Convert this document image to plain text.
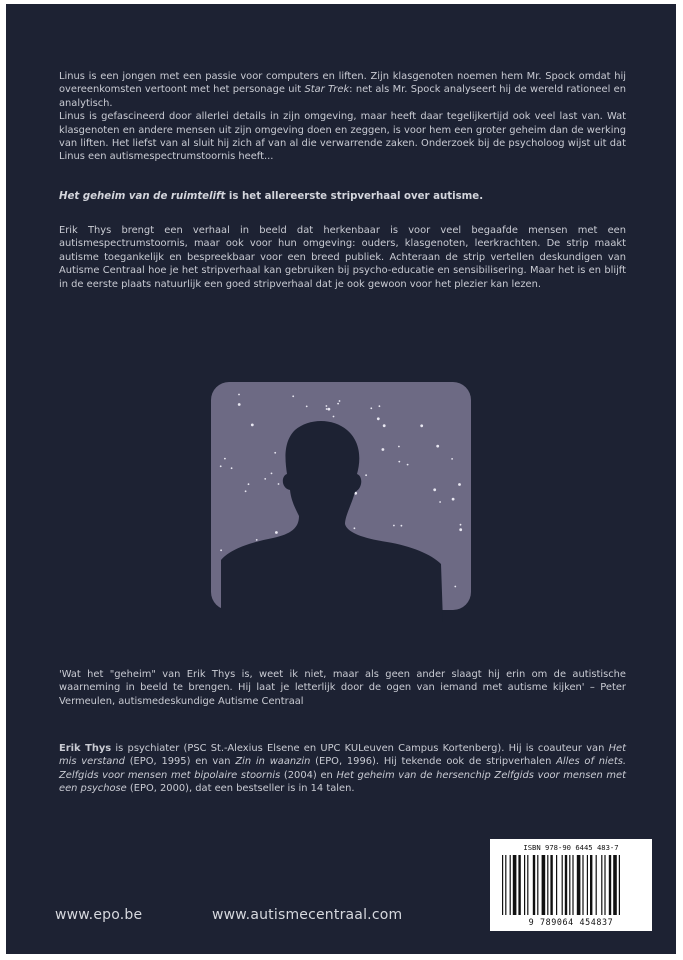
Linus is een jongen met een passie voor computers en liften. Zijn klasgenoten noemen hem Mr. Spock omdat hij overeenkomsten vertoont met het personage uit Star Trek: net als Mr. Spock analyseert hij de wereld rationeel en analytisch.

Linus is gefascineerd door allerlei details in zijn omgeving, maar heeft daar tegelijkertijd ook veel last van. Wat klasgenoten en andere mensen uit zijn omgeving doen en zeggen, is voor hem een groter geheim dan de werking van liften. Het liefst van al sluit hij zich af van al die verwarrende zaken. Onderzoek bij de psycholoog wijst uit dat Linus een autismespectrumstoornis heeft...

Het geheim van de ruimtelift is het allereerste stripverhaal over autisme.

Erik Thys brengt een verhaal in beeld dat herkenbaar is voor veel begaafde mensen met een autismespectrumstoornis, maar ook voor hun omgeving: ouders, klasgenoten, leerkrachten. De strip maakt autisme toegankelijk en bespreekbaar voor een breed publiek. Achteraan de strip vertellen deskundigen van Autisme Centraal hoe je het stripverhaal kan gebruiken bij psycho-educatie en sensibilisering. Maar het is en blijft in de eerste plaats natuurlijk een goed stripverhaal dat je ook gewoon voor het plezier kan lezen.

'Wat het "geheim" van Erik Thys is, weet ik niet, maar als geen ander slaagt hij erin om de autistische waarneming in beeld te brengen. Hij laat je letterlijk door de ogen van iemand met autisme kijken' – Peter Vermeulen, autismedeskundige Autisme Centraal

Erik Thys is psychiater (PSC St.-Alexius Elsene en UPC KULeuven Campus Kortenberg). Hij is coauteur van Het mis verstand (EPO, 1995) en van Zin in waanzin (EPO, 1996). Hij tekende ook de stripverhalen Alles of niets. Zelfgids voor mensen met bipolaire stoornis (2004) en Het geheim van de hersenchip Zelfgids voor mensen met een psychose (EPO, 2000), dat een bestseller is in 14 talen.

ISBN 978-90 6445 483-7
9 789064 454837
www.epo.be	www.autismecentraal.com
